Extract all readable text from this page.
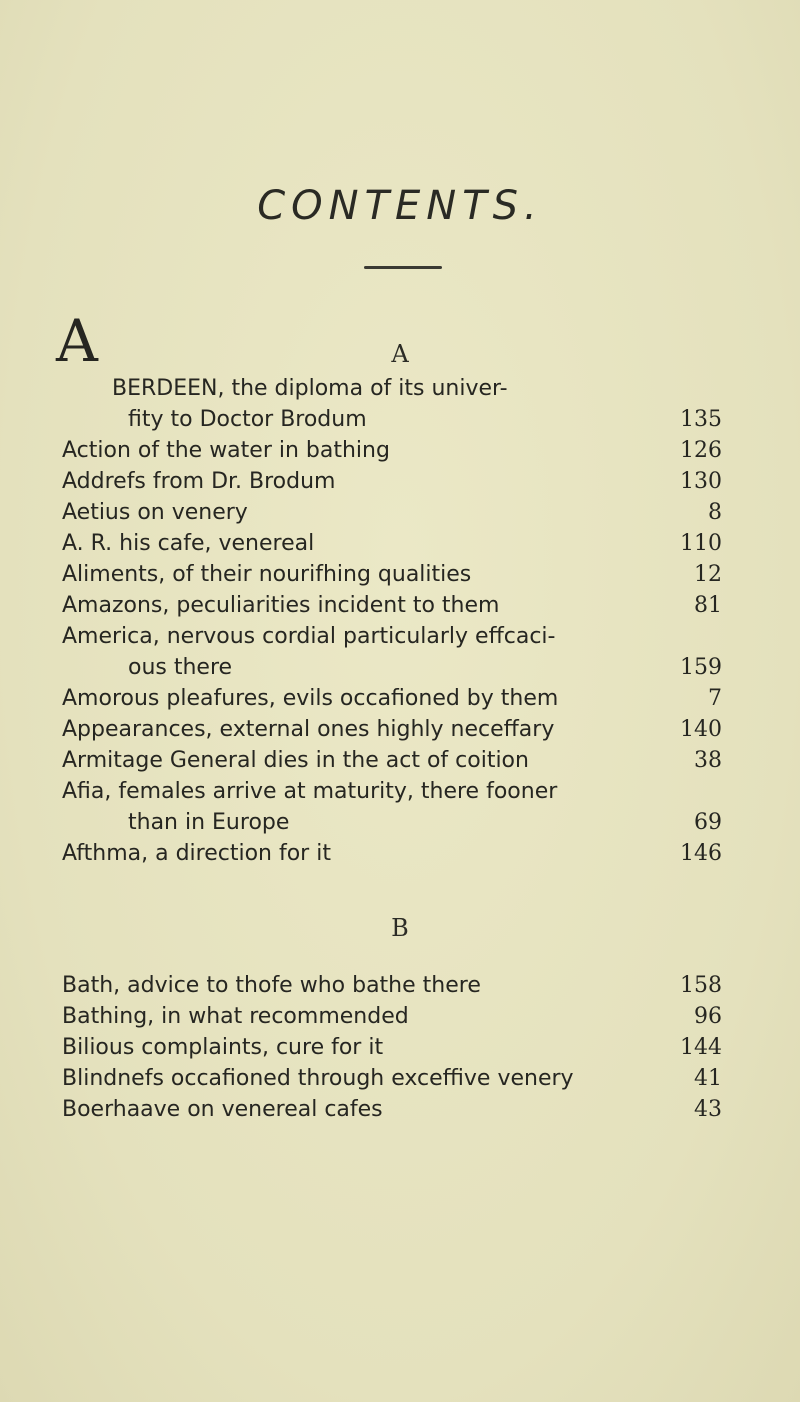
CONTENTS.
A
A
BERDEEN, the diploma of its univer-
fity to Doctor Brodum	135
Action of the water in bathing	126
Addrefs from Dr. Brodum	130
Aetius on venery	8
A. R. his cafe, venereal	110
Aliments, of their nourifhing qualities	12
Amazons, peculiarities incident to them	81
America, nervous cordial particularly effcaci-
ous there	159
Amorous pleafures, evils occafioned by them	7
Appearances, external ones highly neceffary	140
Armitage General dies in the act of coition	38
Afia, females arrive at maturity, there fooner
than in Europe	69
Afthma, a direction for it	146
B
Bath, advice to thofe who bathe there	158
Bathing, in what recommended	96
Bilious complaints, cure for it	144
Blindnefs occafioned through exceffive venery	41
Boerhaave on venereal cafes	43
